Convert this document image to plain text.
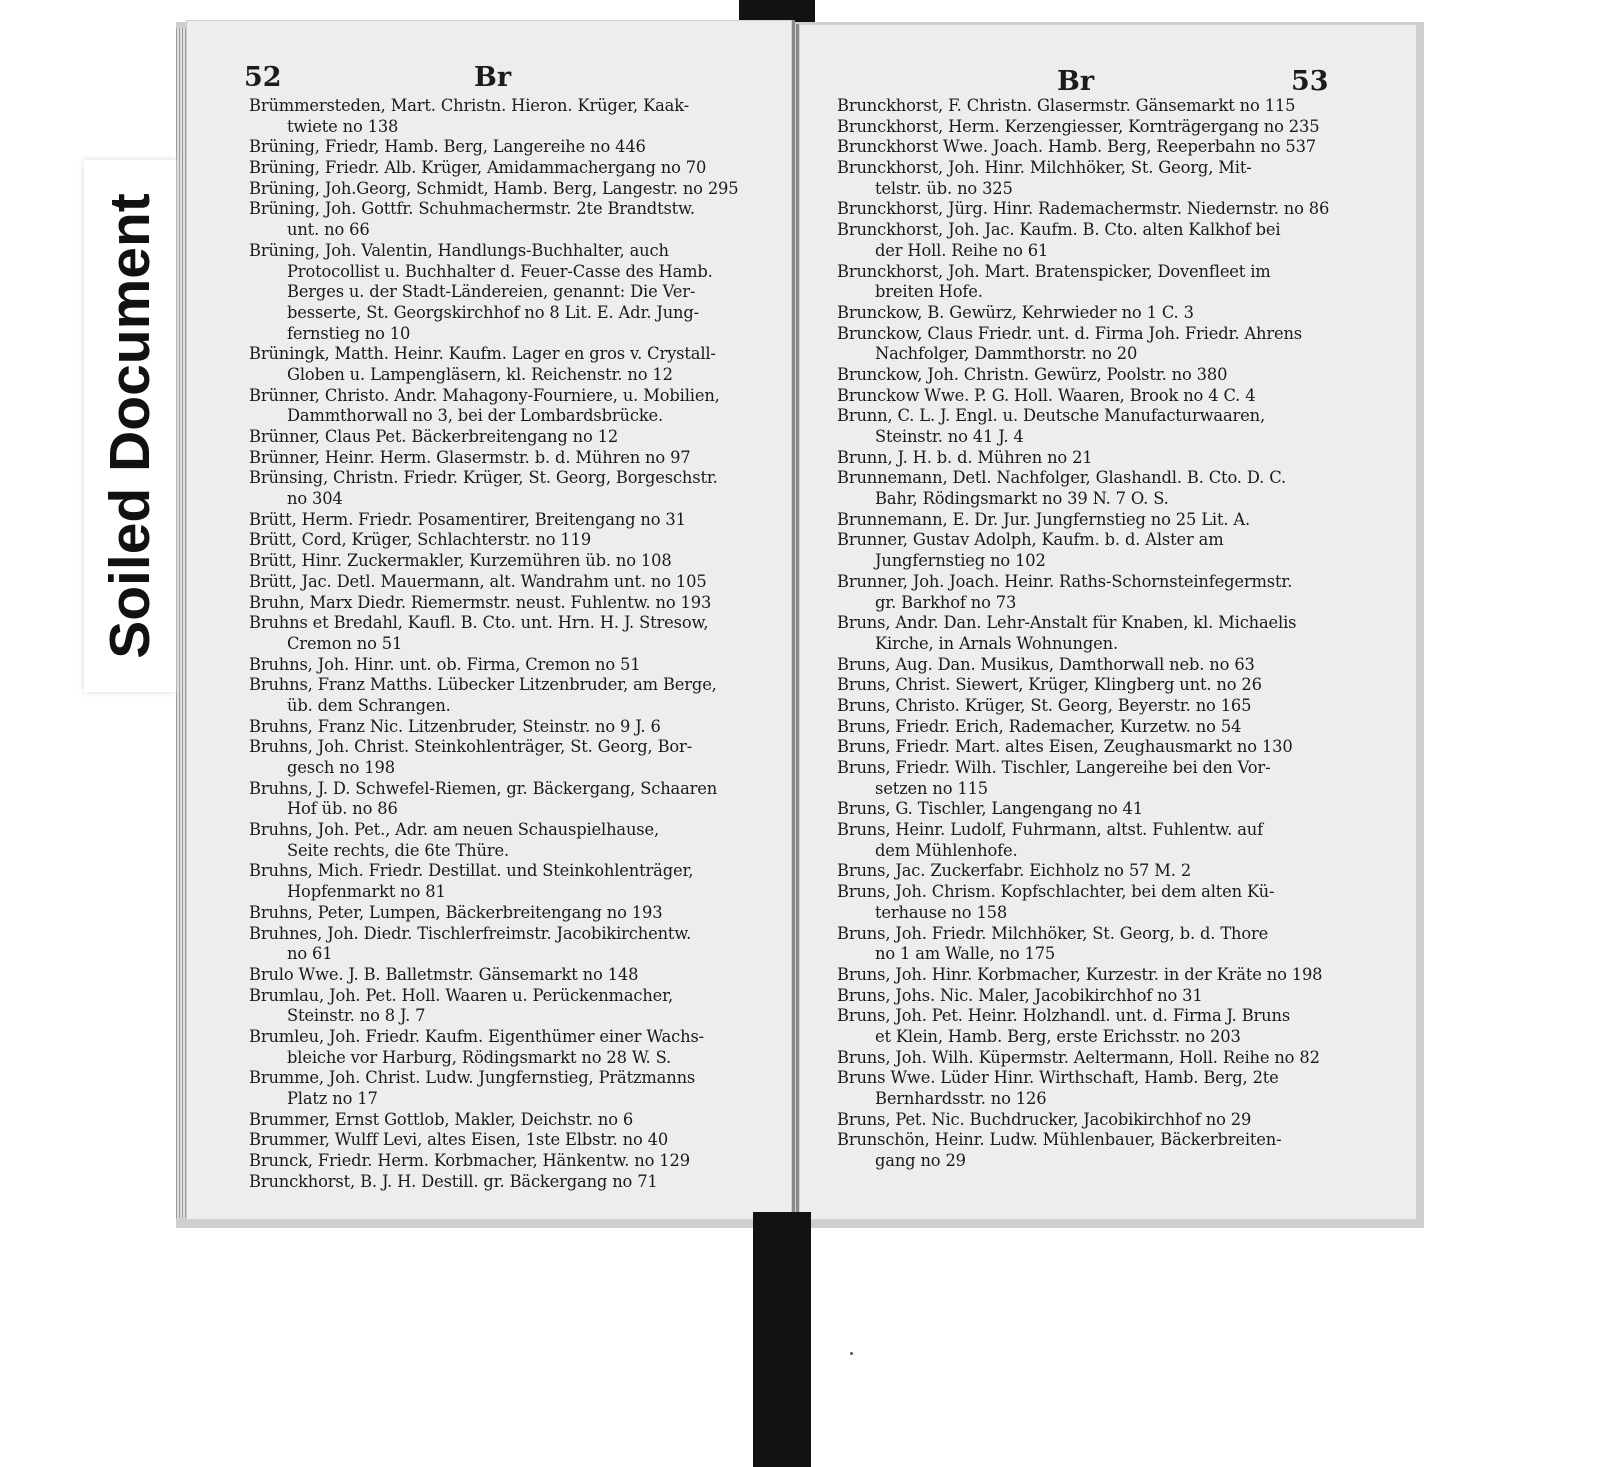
52	Br
Brümmersteden, Mart. Christn. Hieron. Krüger, Kaak-
twiete no 138
Brüning, Friedr, Hamb. Berg, Langereihe no 446
Brüning, Friedr. Alb. Krüger, Amidammachergang no 70
Brüning, Joh.Georg, Schmidt, Hamb. Berg, Langestr. no 295
Brüning, Joh. Gottfr. Schuhmachermstr. 2te Brandtstw.
unt. no 66
Brüning, Joh. Valentin, Handlungs-Buchhalter, auch
Protocollist u. Buchhalter d. Feuer-Casse des Hamb.
Berges u. der Stadt-Ländereien, genannt: Die Ver-
besserte, St. Georgskirchhof no 8 Lit. E. Adr. Jung-
fernstieg no 10
Brüningk, Matth. Heinr. Kaufm. Lager en gros v. Crystall-
Globen u. Lampengläsern, kl. Reichenstr. no 12
Brünner, Christo. Andr. Mahagony-Fourniere, u. Mobilien,
Dammthorwall no 3, bei der Lombardsbrücke.
Brünner, Claus Pet. Bäckerbreitengang no 12
Brünner, Heinr. Herm. Glasermstr. b. d. Mühren no 97
Brünsing, Christn. Friedr. Krüger, St. Georg, Borgeschstr.
no 304
Brütt, Herm. Friedr. Posamentirer, Breitengang no 31
Brütt, Cord, Krüger, Schlachterstr. no 119
Brütt, Hinr. Zuckermakler, Kurzemühren üb. no 108
Brütt, Jac. Detl. Mauermann, alt. Wandrahm unt. no 105
Bruhn, Marx Diedr. Riemermstr. neust. Fuhlentw. no 193
Bruhns et Bredahl, Kaufl. B. Cto. unt. Hrn. H. J. Stresow,
Cremon no 51
Bruhns, Joh. Hinr. unt. ob. Firma, Cremon no 51
Bruhns, Franz Matths. Lübecker Litzenbruder, am Berge,
üb. dem Schrangen.
Bruhns, Franz Nic. Litzenbruder, Steinstr. no 9 J. 6
Bruhns, Joh. Christ. Steinkohlenträger, St. Georg, Bor-
gesch no 198
Bruhns, J. D. Schwefel-Riemen, gr. Bäckergang, Schaaren
Hof üb. no 86
Bruhns, Joh. Pet., Adr. am neuen Schauspielhause,
Seite rechts, die 6te Thüre.
Bruhns, Mich. Friedr. Destillat. und Steinkohlenträger,
Hopfenmarkt no 81
Bruhns, Peter, Lumpen, Bäckerbreitengang no 193
Bruhnes, Joh. Diedr. Tischlerfreimstr. Jacobikirchentw.
no 61
Brulo Wwe. J. B. Balletmstr. Gänsemarkt no 148
Brumlau, Joh. Pet. Holl. Waaren u. Perückenmacher,
Steinstr. no 8 J. 7
Brumleu, Joh. Friedr. Kaufm. Eigenthümer einer Wachs-
bleiche vor Harburg, Rödingsmarkt no 28 W. S.
Brumme, Joh. Christ. Ludw. Jungfernstieg, Prätzmanns
Platz no 17
Brummer, Ernst Gottlob, Makler, Deichstr. no 6
Brummer, Wulff Levi, altes Eisen, 1ste Elbstr. no 40
Brunck, Friedr. Herm. Korbmacher, Hänkentw. no 129
Brunckhorst, B. J. H. Destill. gr. Bäckergang no 71
Br	53
Brunckhorst, F. Christn. Glasermstr. Gänsemarkt no 115
Brunckhorst, Herm. Kerzengiesser, Kornträgergang no 235
Brunckhorst Wwe. Joach. Hamb. Berg, Reeperbahn no 537
Brunckhorst, Joh. Hinr. Milchhöker, St. Georg, Mit-
telstr. üb. no 325
Brunckhorst, Jürg. Hinr. Rademachermstr. Niedernstr. no 86
Brunckhorst, Joh. Jac. Kaufm. B. Cto. alten Kalkhof bei
der Holl. Reihe no 61
Brunckhorst, Joh. Mart. Bratenspicker, Dovenfleet im
breiten Hofe.
Brunckow, B. Gewürz, Kehrwieder no 1 C. 3
Brunckow, Claus Friedr. unt. d. Firma Joh. Friedr. Ahrens
Nachfolger, Dammthorstr. no 20
Brunckow, Joh. Christn. Gewürz, Poolstr. no 380
Brunckow Wwe. P. G. Holl. Waaren, Brook no 4 C. 4
Brunn, C. L. J. Engl. u. Deutsche Manufacturwaaren,
Steinstr. no 41 J. 4
Brunn, J. H. b. d. Mühren no 21
Brunnemann, Detl. Nachfolger, Glashandl. B. Cto. D. C.
Bahr, Rödingsmarkt no 39 N. 7 O. S.
Brunnemann, E. Dr. Jur. Jungfernstieg no 25 Lit. A.
Brunner, Gustav Adolph, Kaufm. b. d. Alster am
Jungfernstieg no 102
Brunner, Joh. Joach. Heinr. Raths-Schornsteinfegermstr.
gr. Barkhof no 73
Bruns, Andr. Dan. Lehr-Anstalt für Knaben, kl. Michaelis
Kirche, in Arnals Wohnungen.
Bruns, Aug. Dan. Musikus, Damthorwall neb. no 63
Bruns, Christ. Siewert, Krüger, Klingberg unt. no 26
Bruns, Christo. Krüger, St. Georg, Beyerstr. no 165
Bruns, Friedr. Erich, Rademacher, Kurzetw. no 54
Bruns, Friedr. Mart. altes Eisen, Zeughausmarkt no 130
Bruns, Friedr. Wilh. Tischler, Langereihe bei den Vor-
setzen no 115
Bruns, G. Tischler, Langengang no 41
Bruns, Heinr. Ludolf, Fuhrmann, altst. Fuhlentw. auf
dem Mühlenhofe.
Bruns, Jac. Zuckerfabr. Eichholz no 57 M. 2
Bruns, Joh. Chrism. Kopfschlachter, bei dem alten Kü-
terhause no 158
Bruns, Joh. Friedr. Milchhöker, St. Georg, b. d. Thore
no 1 am Walle, no 175
Bruns, Joh. Hinr. Korbmacher, Kurzestr. in der Kräte no 198
Bruns, Johs. Nic. Maler, Jacobikirchhof no 31
Bruns, Joh. Pet. Heinr. Holzhandl. unt. d. Firma J. Bruns
et Klein, Hamb. Berg, erste Erichsstr. no 203
Bruns, Joh. Wilh. Küpermstr. Aeltermann, Holl. Reihe no 82
Bruns Wwe. Lüder Hinr. Wirthschaft, Hamb. Berg, 2te
Bernhardsstr. no 126
Bruns, Pet. Nic. Buchdrucker, Jacobikirchhof no 29
Brunschön, Heinr. Ludw. Mühlenbauer, Bäckerbreiten-
gang no 29
Soiled Document
